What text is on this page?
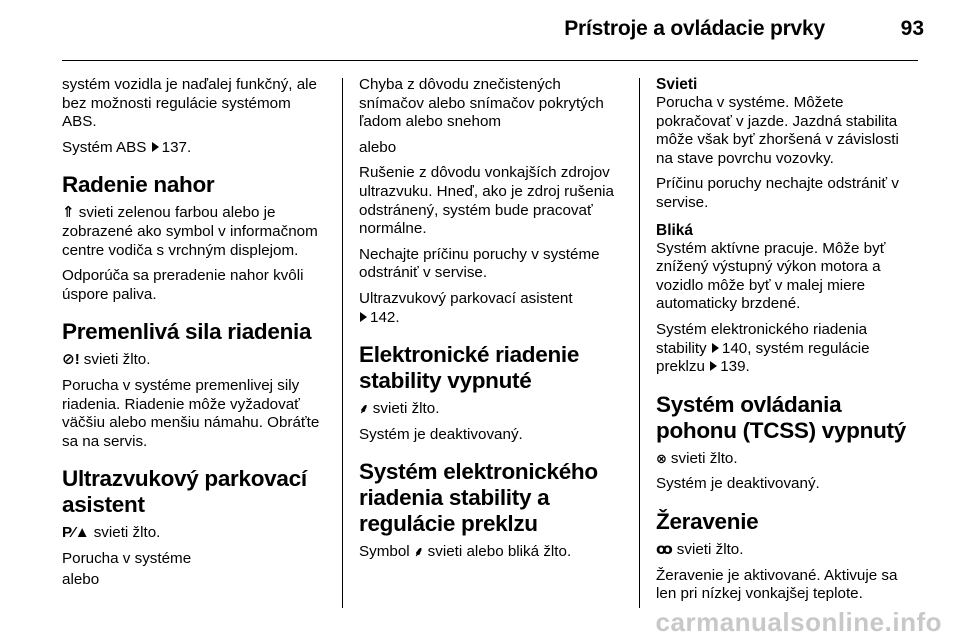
Prístroje a ovládacie prvky	93

systém vozidla je naďalej funkčný, ale bez možnosti regulácie systémom ABS.

Systém ABS 137.

Radenie nahor

⇑ svieti zelenou farbou alebo je zobrazené ako symbol v informačnom centre vodiča s vrchným displejom.

Odporúča sa preradenie nahor kvôli úspore paliva.

Premenlivá sila riadenia

⊘! svieti žlto.

Porucha v systéme premenlivej sily riadenia. Riadenie môže vyžadovať väčšiu alebo menšiu námahu. Obráťte sa na servis.

Ultrazvukový parkovací asistent

P⁄▲ svieti žlto.

Porucha v systéme

alebo

Chyba z dôvodu znečistených snímačov alebo snímačov pokrytých ľadom alebo snehom

alebo

Rušenie z dôvodu vonkajších zdrojov ultrazvuku. Hneď, ako je zdroj rušenia odstránený, systém bude pracovať normálne.

Nechajte príčinu poruchy v systéme odstrániť v servise.

Ultrazvukový parkovací asistent
142.

Elektronické riadenie stability vypnuté

⸙ svieti žlto.

Systém je deaktivovaný.

Systém elektronického riadenia stability a regulácie preklzu

Symbol ⸙ svieti alebo bliká žlto.

Svieti

Porucha v systéme. Môžete pokračovať v jazde. Jazdná stabilita môže však byť zhoršená v závislosti na stave povrchu vozovky.

Príčinu poruchy nechajte odstrániť v servise.

Bliká

Systém aktívne pracuje. Môže byť znížený výstupný výkon motora a vozidlo môže byť v malej miere automaticky brzdené.

Systém elektronického riadenia stability 140, systém regulácie preklzu 139.

Systém ovládania pohonu (TCSS) vypnutý

⊗ svieti žlto.

Systém je deaktivovaný.

Žeravenie

ꝏ svieti žlto.

Žeravenie je aktivované. Aktivuje sa len pri nízkej vonkajšej teplote.

carmanualsonline.info
